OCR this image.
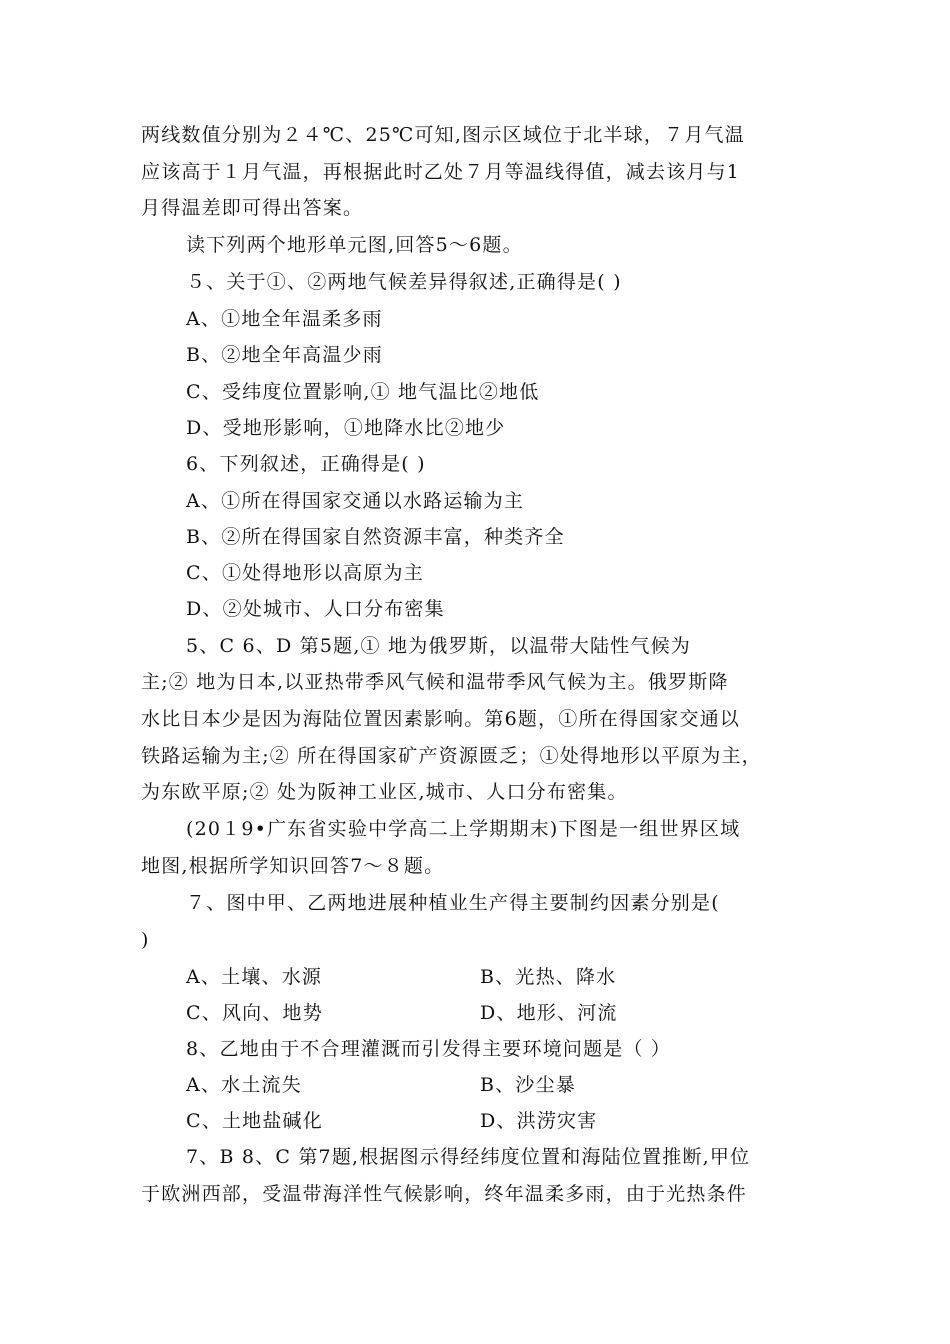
两线数值分别为２４℃、25℃可知,图示区域位于北半球，７月气温
应该高于１月气温，再根据此时乙处７月等温线得值，减去该月与1
月得温差即可得出答案。
读下列两个地形单元图,回答5～6题。
５、关于①、②两地气候差异得叙述,正确得是( )
A、①地全年温柔多雨
B、②地全年高温少雨
C、受纬度位置影响,① 地气温比②地低
D、受地形影响，①地降水比②地少
6、下列叙述，正确得是( )
A、①所在得国家交通以水路运输为主
B、②所在得国家自然资源丰富，种类齐全
C、①处得地形以高原为主
D、②处城市、人口分布密集
5、C 6、D 第5题,① 地为俄罗斯，以温带大陆性气候为
主;② 地为日本,以亚热带季风气候和温带季风气候为主。俄罗斯降
水比日本少是因为海陆位置因素影响。第6题，①所在得国家交通以
铁路运输为主;② 所在得国家矿产资源匮乏；①处得地形以平原为主，
为东欧平原;② 处为阪神工业区,城市、人口分布密集。
(20１9•广东省实验中学高二上学期期末)下图是一组世界区域
地图,根据所学知识回答7～８题。
７、图中甲、乙两地进展种植业生产得主要制约因素分别是(
)
A、土壤、水源	B、光热、降水
C、风向、地势	D、地形、河流
8、乙地由于不合理灌溉而引发得主要环境问题是（ ）
A、水土流失	B、沙尘暴
C、土地盐碱化	D、洪涝灾害
7、B 8、C 第7题,根据图示得经纬度位置和海陆位置推断,甲位
于欧洲西部，受温带海洋性气候影响，终年温柔多雨，由于光热条件
